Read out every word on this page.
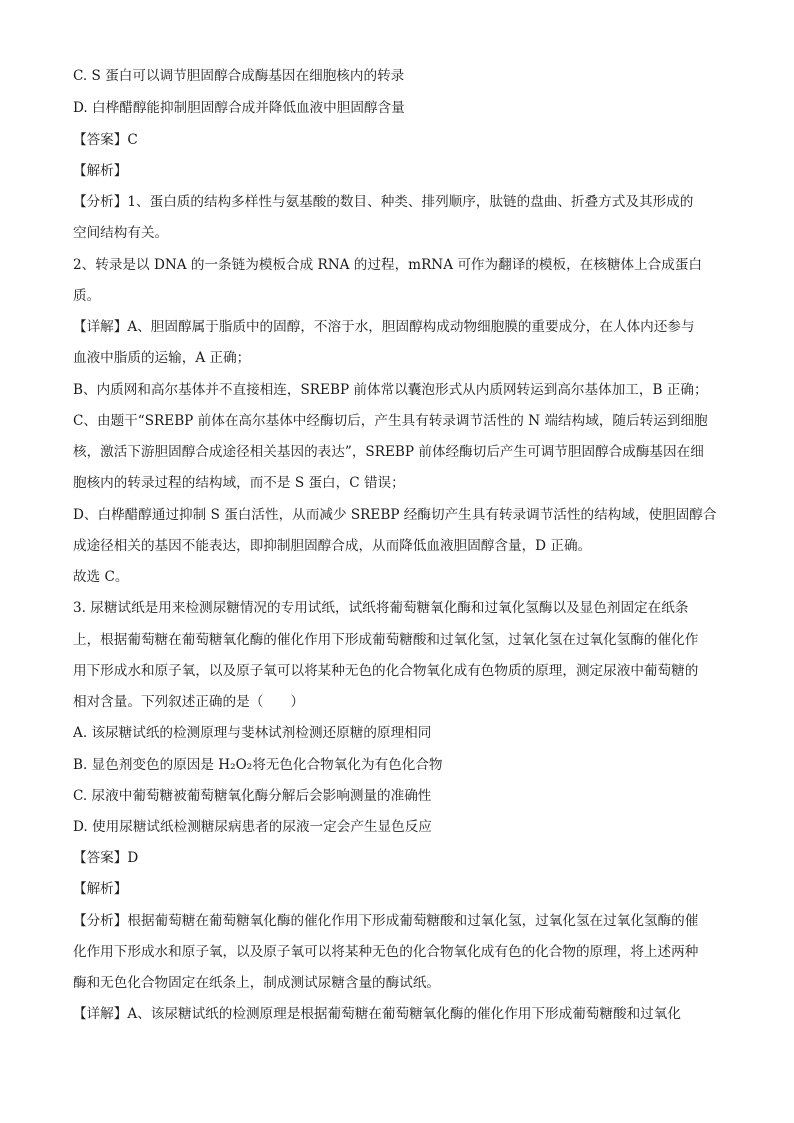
C. S 蛋白可以调节胆固醇合成酶基因在细胞核内的转录
D. 白桦醋醇能抑制胆固醇合成并降低血液中胆固醇含量
【答案】C
【解析】
【分析】1、蛋白质的结构多样性与氨基酸的数目、种类、排列顺序，肽链的盘曲、折叠方式及其形成的
空间结构有关。
2、转录是以 DNA 的一条链为模板合成 RNA 的过程，mRNA 可作为翻译的模板，在核糖体上合成蛋白
质。
【详解】A、胆固醇属于脂质中的固醇，不溶于水，胆固醇构成动物细胞膜的重要成分，在人体内还参与
血液中脂质的运输，A 正确；
B、内质网和高尔基体并不直接相连，SREBP 前体常以囊泡形式从内质网转运到高尔基体加工，B 正确；
C、由题干“SREBP 前体在高尔基体中经酶切后，产生具有转录调节活性的 N 端结构域，随后转运到细胞
核，激活下游胆固醇合成途径相关基因的表达”，SREBP 前体经酶切后产生可调节胆固醇合成酶基因在细
胞核内的转录过程的结构域，而不是 S 蛋白，C 错误；
D、白桦醋醇通过抑制 S 蛋白活性，从而减少 SREBP 经酶切产生具有转录调节活性的结构域，使胆固醇合
成途径相关的基因不能表达，即抑制胆固醇合成，从而降低血液胆固醇含量，D 正确。
故选 C。
3. 尿糖试纸是用来检测尿糖情况的专用试纸，试纸将葡萄糖氧化酶和过氧化氢酶以及显色剂固定在纸条
上，根据葡萄糖在葡萄糖氧化酶的催化作用下形成葡萄糖酸和过氧化氢，过氧化氢在过氧化氢酶的催化作
用下形成水和原子氧，以及原子氧可以将某种无色的化合物氧化成有色物质的原理，测定尿液中葡萄糖的
相对含量。下列叙述正确的是（　　）
A. 该尿糖试纸的检测原理与斐林试剂检测还原糖的原理相同
B. 显色剂变色的原因是 H₂O₂将无色化合物氧化为有色化合物
C. 尿液中葡萄糖被葡萄糖氧化酶分解后会影响测量的准确性
D. 使用尿糖试纸检测糖尿病患者的尿液一定会产生显色反应
【答案】D
【解析】
【分析】根据葡萄糖在葡萄糖氧化酶的催化作用下形成葡萄糖酸和过氧化氢，过氧化氢在过氧化氢酶的催
化作用下形成水和原子氧，以及原子氧可以将某种无色的化合物氧化成有色的化合物的原理，将上述两种
酶和无色化合物固定在纸条上，制成测试尿糖含量的酶试纸。
【详解】A、该尿糖试纸的检测原理是根据葡萄糖在葡萄糖氧化酶的催化作用下形成葡萄糖酸和过氧化
